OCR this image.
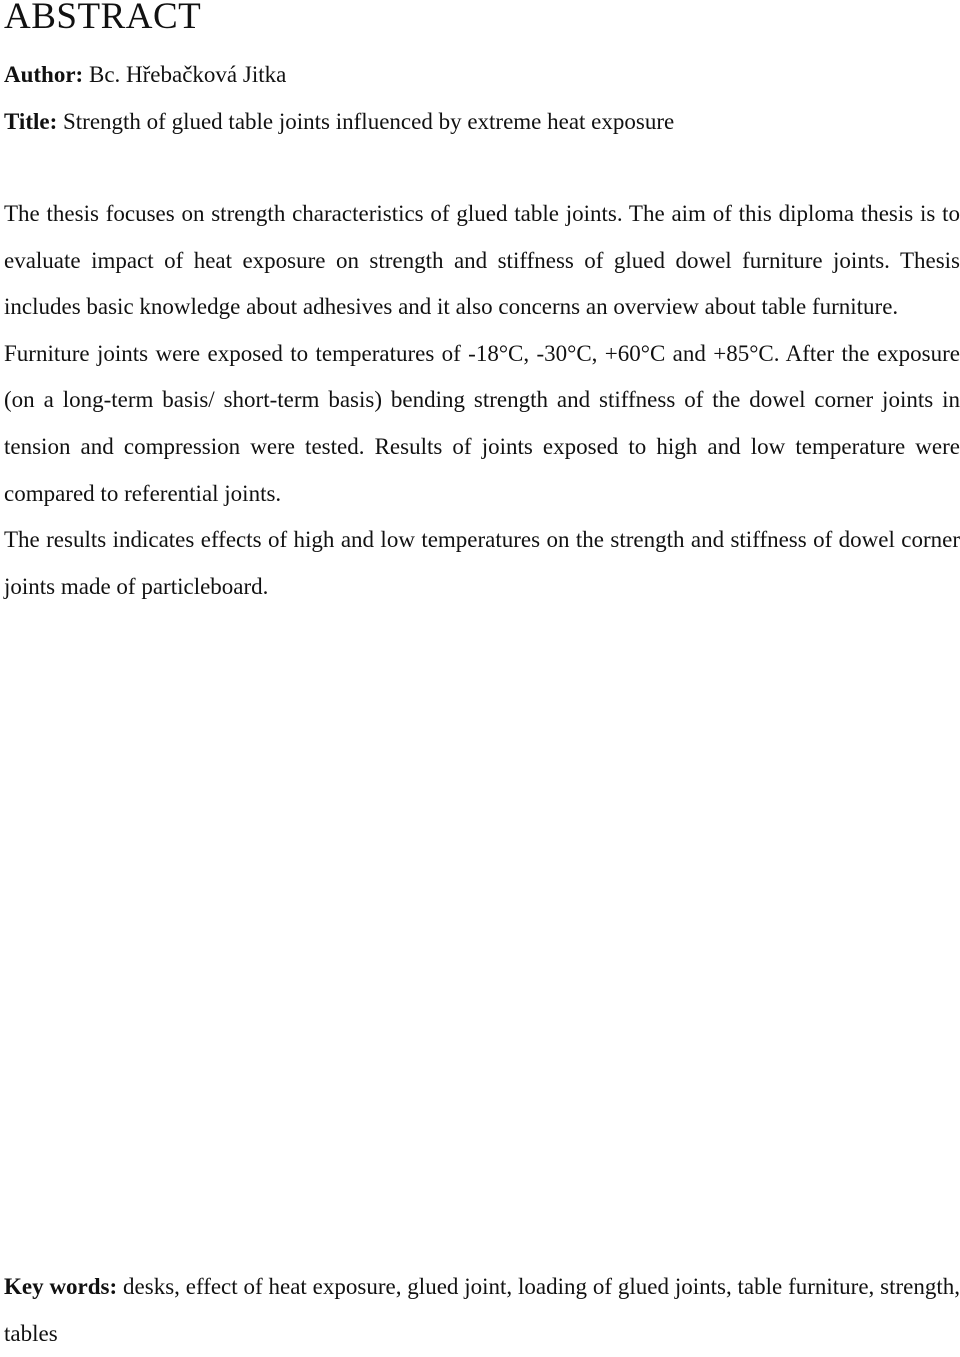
ABSTRACT
Author: Bc. Hřebačková Jitka
Title: Strength of glued table joints influenced by extreme heat exposure

The thesis focuses on strength characteristics of glued table joints. The aim of this diploma thesis is to evaluate impact of heat exposure on strength and stiffness of glued dowel furniture joints. Thesis includes basic knowledge about adhesives and it also concerns an overview about table furniture.

Furniture joints were exposed to temperatures of -18°C, -30°C, +60°C and +85°C. After the exposure (on a long-term basis/ short-term basis) bending strength and stiffness of the dowel corner joints in tension and compression were tested. Results of joints exposed to high and low temperature were compared to referential joints.

The results indicates effects of high and low temperatures on the strength and stiffness of dowel corner joints made of particleboard.

Key words: desks, effect of heat exposure, glued joint, loading of glued joints, table furniture, strength, tables
